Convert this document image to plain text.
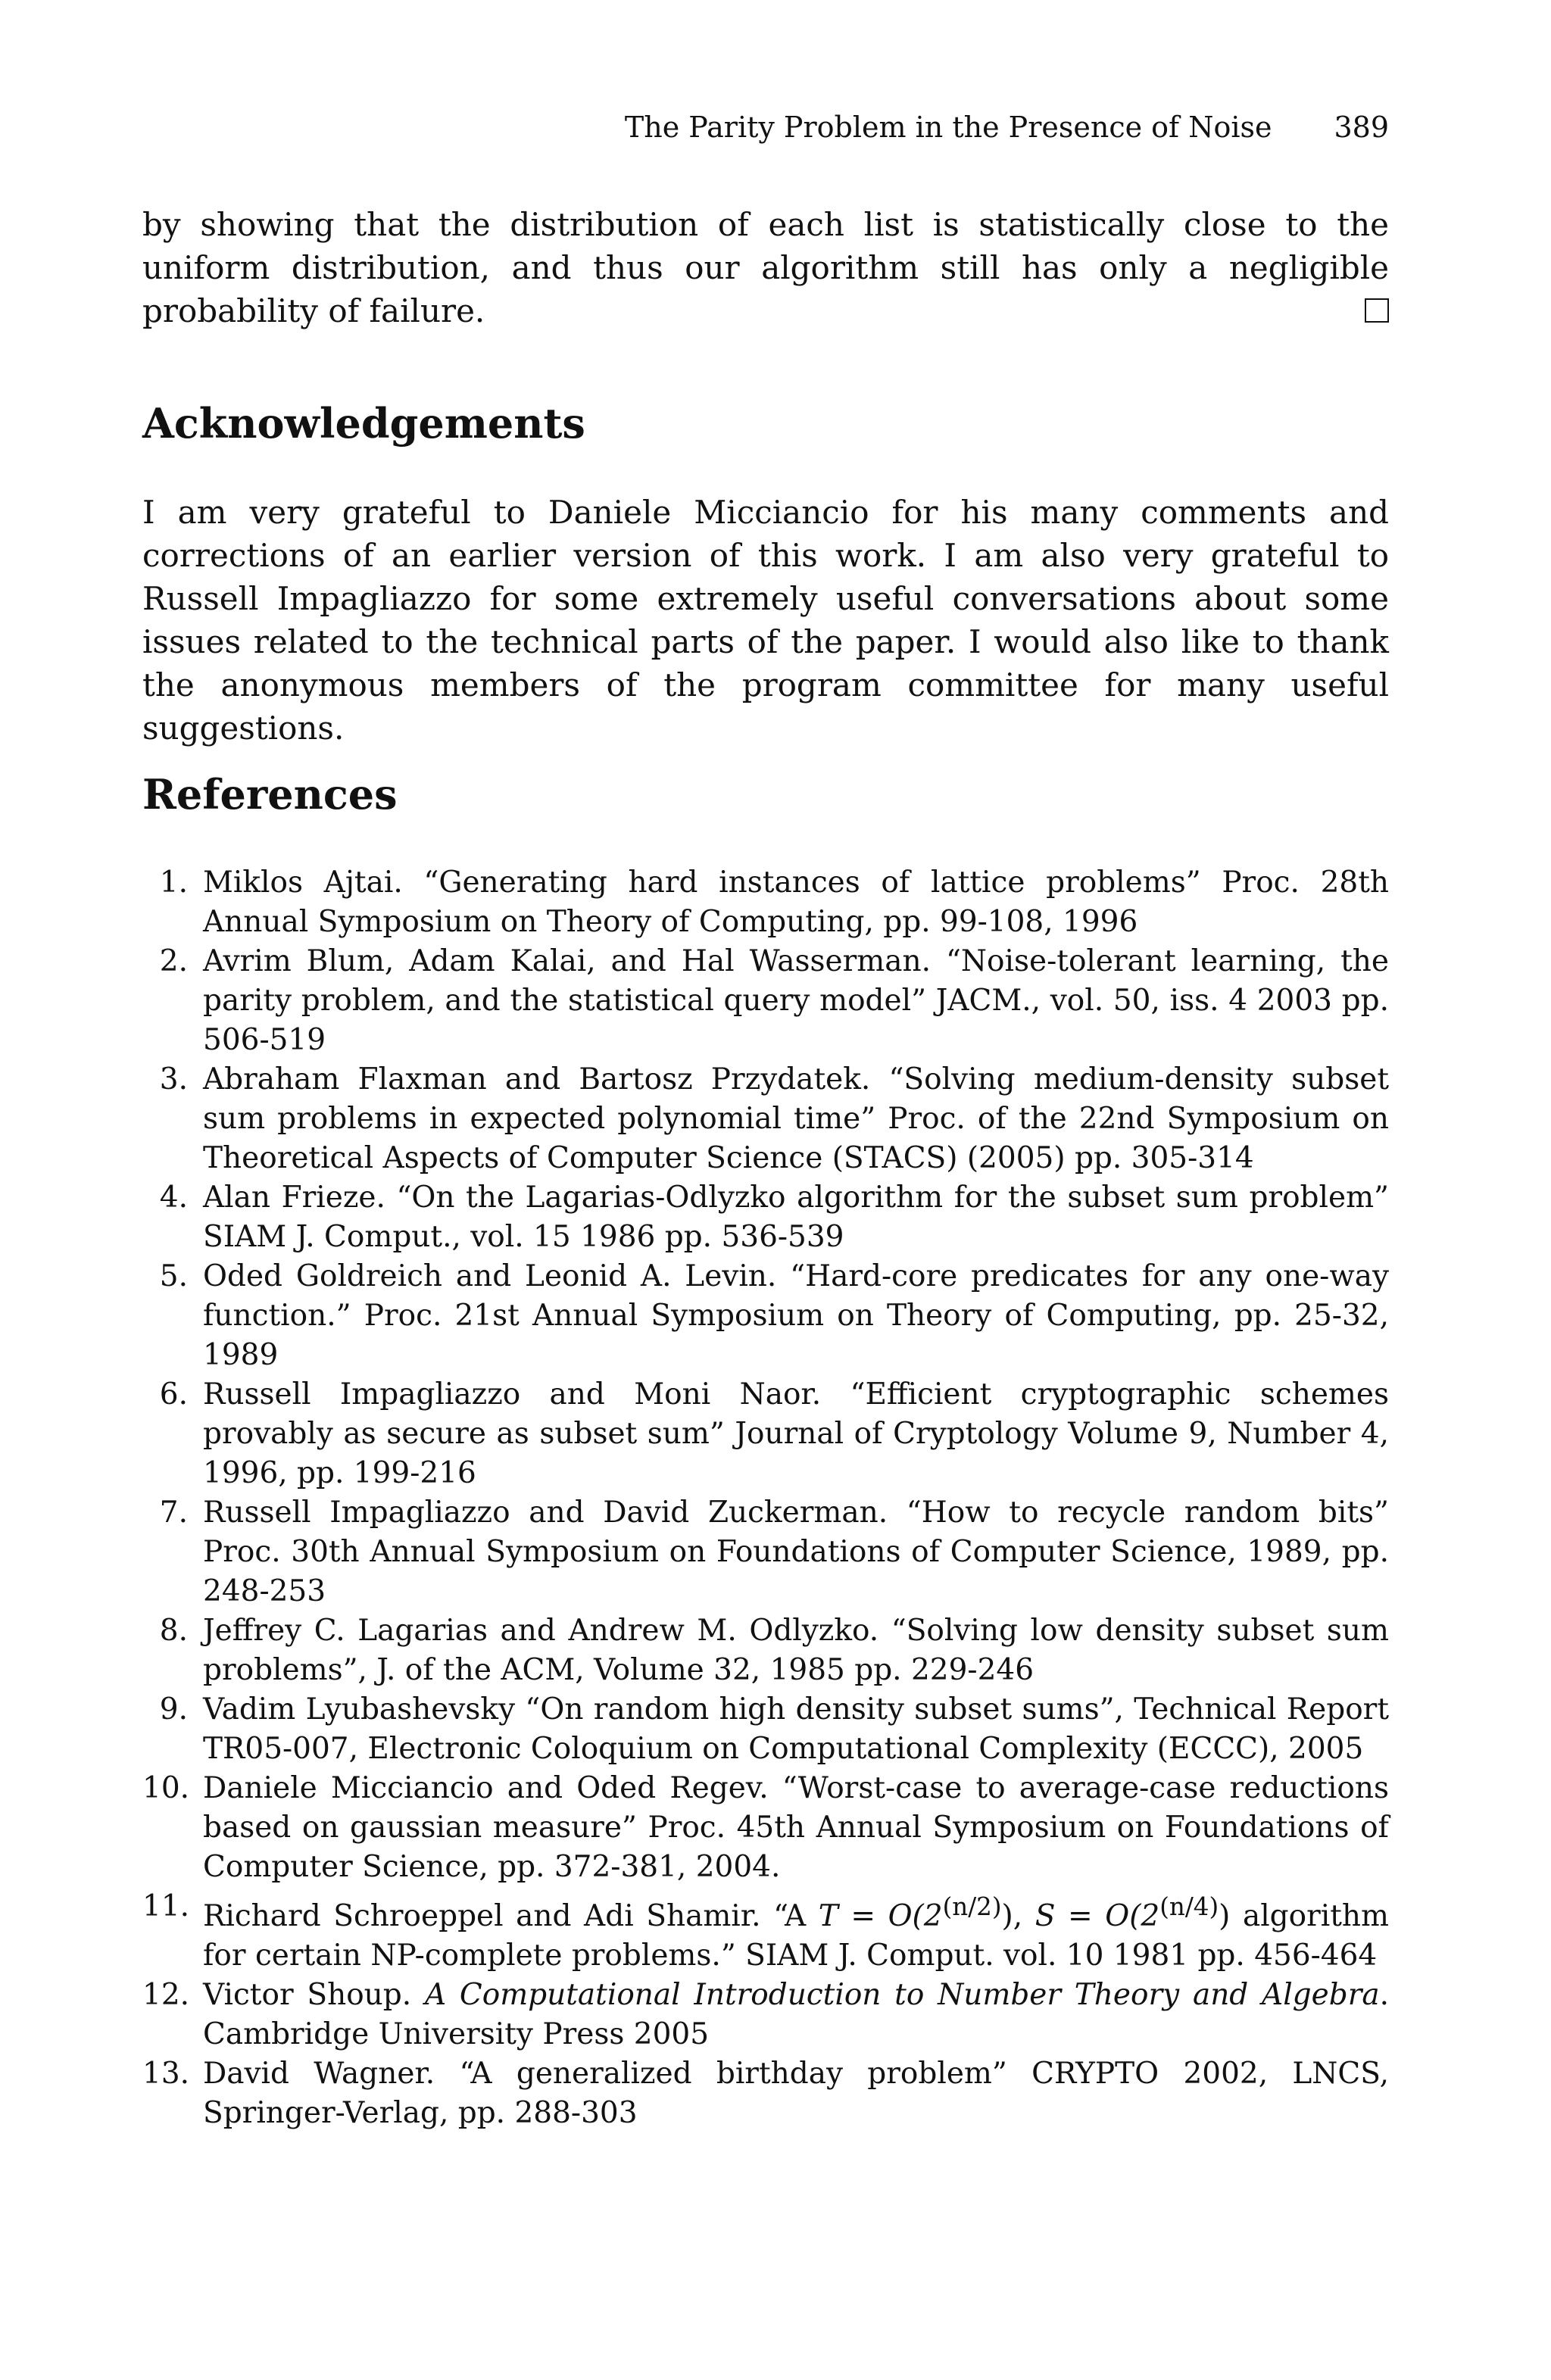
The Parity Problem in the Presence of Noise 389
by showing that the distribution of each list is statistically close to the uniform distribution, and thus our algorithm still has only a negligible probability of failure.
Acknowledgements

I am very grateful to Daniele Micciancio for his many comments and corrections of an earlier version of this work. I am also very grateful to Russell Impagliazzo for some extremely useful conversations about some issues related to the technical parts of the paper. I would also like to thank the anonymous members of the program committee for many useful suggestions.

References
1. Miklos Ajtai. “Generating hard instances of lattice problems” Proc. 28th Annual Symposium on Theory of Computing, pp. 99-108, 1996
2. Avrim Blum, Adam Kalai, and Hal Wasserman. “Noise-tolerant learning, the parity problem, and the statistical query model” JACM., vol. 50, iss. 4 2003 pp. 506-519
3. Abraham Flaxman and Bartosz Przydatek. “Solving medium-density subset sum problems in expected polynomial time” Proc. of the 22nd Symposium on Theoretical Aspects of Computer Science (STACS) (2005) pp. 305-314
4. Alan Frieze. “On the Lagarias-Odlyzko algorithm for the subset sum problem” SIAM J. Comput., vol. 15 1986 pp. 536-539
5. Oded Goldreich and Leonid A. Levin. “Hard-core predicates for any one-way function.” Proc. 21st Annual Symposium on Theory of Computing, pp. 25-32, 1989
6. Russell Impagliazzo and Moni Naor. “Efficient cryptographic schemes provably as secure as subset sum” Journal of Cryptology Volume 9, Number 4, 1996, pp. 199-216
7. Russell Impagliazzo and David Zuckerman. “How to recycle random bits” Proc. 30th Annual Symposium on Foundations of Computer Science, 1989, pp. 248-253
8. Jeffrey C. Lagarias and Andrew M. Odlyzko. “Solving low density subset sum problems”, J. of the ACM, Volume 32, 1985 pp. 229-246
9. Vadim Lyubashevsky “On random high density subset sums”, Technical Report TR05-007, Electronic Coloquium on Computational Complexity (ECCC), 2005
10. Daniele Micciancio and Oded Regev. “Worst-case to average-case reductions based on gaussian measure” Proc. 45th Annual Symposium on Foundations of Computer Science, pp. 372-381, 2004.
11. Richard Schroeppel and Adi Shamir. “A $T = O(2^{(n/2)})$, $S = O(2^{(n/4)})$ algorithm for certain NP-complete problems.” SIAM J. Comput. vol. 10 1981 pp. 456-464
12. Victor Shoup. A Computational Introduction to Number Theory and Algebra. Cambridge University Press 2005
13. David Wagner. “A generalized birthday problem” CRYPTO 2002, LNCS, Springer-Verlag, pp. 288-303
